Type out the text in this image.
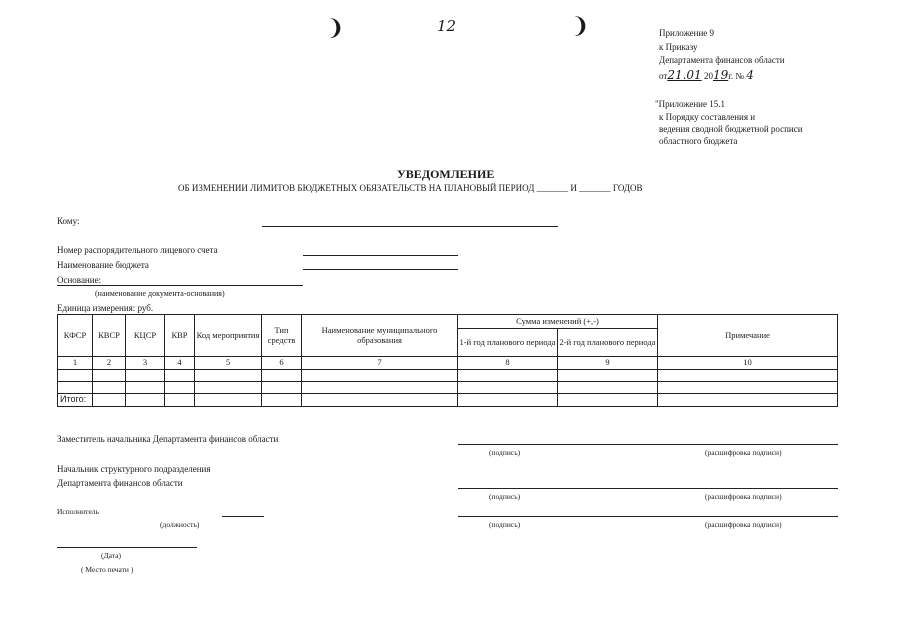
❩	12	❩	Приложение 9
к Приказу
Департамента финансов области
от21.01 2019г. № 4
"Приложение 15.1
к Порядку составления и
ведения сводной бюджетной росписи
областного бюджета
УВЕДОМЛЕНИЕ
ОБ ИЗМЕНЕНИИ ЛИМИТОВ БЮДЖЕТНЫХ ОБЯЗАТЕЛЬСТВ НА ПЛАНОВЫЙ ПЕРИОД _______ И _______ ГОДОВ
Кому:
Номер распорядительного лицевого счета
Наименование бюджета
Основание:
(наименование документа-основания)
Единица измерения: руб.
КФСР	КВСР	КЦСР	КВР	Код мероприятия	Тип средств	Наименование муниципального образования	Сумма изменений (+,-)		Примечание
							1-й год планового периода	2-й год планового периода	
1	2	3	4	5	6	7	8	9	10

Итого:									
Заместитель начальника Департамента финансов области
(подпись)	(расшифровка подписи)
Начальник структурного подразделения
Департамента финансов области
(подпись)	(расшифровка подписи)
Исполнитель
(должность)	(подпись)	(расшифровка подписи)
(Дата)
( Место печати )
